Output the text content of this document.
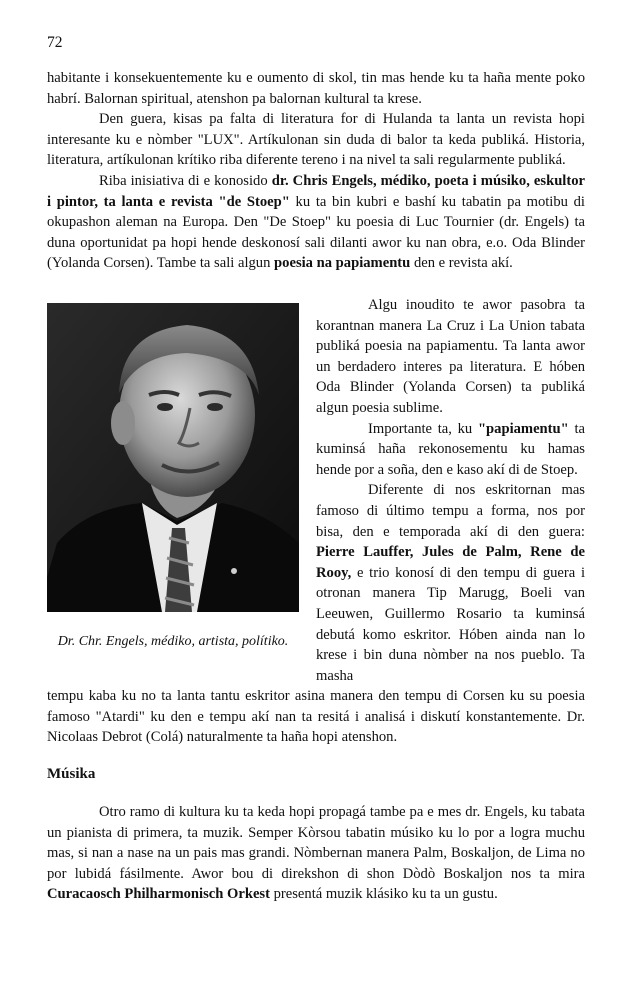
72

habitante i konsekuentemente ku e oumento di skol, tin mas hende ku ta haña mente poko habrí. Balornan spiritual, atenshon pa balornan kultural ta krese.

Den guera, kisas pa falta di literatura for di Hulanda ta lanta un revista hopi interesante ku e nòmber "LUX". Artíkulonan sin duda di balor ta keda publiká. Historia, literatura, artíkulonan krítiko riba diferente tereno i na nivel ta sali regularmente publiká.

Riba inisiativa di e konosido dr. Chris Engels, médiko, poeta i músiko, eskultor i pintor, ta lanta e revista "de Stoep" ku ta bin kubri e bashí ku tabatin pa motibu di okupashon aleman na Europa. Den "De Stoep" ku poesia di Luc Tournier (dr. Engels) ta duna oportunidat pa hopi hende deskonosí sali dilanti awor ku nan obra, e.o. Oda Blinder (Yolanda Corsen). Tambe ta sali algun poesia na papiamentu den e revista akí.

Algu inoudito te awor pasobra ta korantnan manera La Cruz i La Union tabata publiká poesia na papiamentu. Ta lanta awor un berdadero interes pa literatura. E hóben Oda Blinder (Yolanda Corsen) ta publiká algun poesia sublime.

Importante ta, ku "papiamentu" ta kuminsá haña rekonosementu ku hamas hende por a soña, den e kaso akí di de Stoep.

Diferente di nos eskritornan mas famoso di último tempu a forma, nos por bisa, den e temporada akí di den guera: Pierre Lauffer, Jules de Palm, Rene de Rooy, e trio konosí di den tempu di guera i otronan manera Tip Marugg, Boeli van Leeuwen, Guillermo Rosario ta kuminsá debutá komo eskritor. Hóben ainda nan lo krese i bin duna nòmber na nos pueblo. Ta masha

Dr. Chr. Engels, médiko, artista, polítiko.

tempu kaba ku no ta lanta tantu eskritor asina manera den tempu di Corsen ku su poesia famoso "Atardi" ku den e tempu akí nan ta resitá i analisá i diskutí konstantemente. Dr. Nicolaas Debrot (Colá) naturalmente ta haña hopi atenshon.

Músika

Otro ramo di kultura ku ta keda hopi propagá tambe pa e mes dr. Engels, ku tabata un pianista di primera, ta muzik. Semper Kòrsou tabatin músiko ku lo por a logra muchu mas, si nan a nase na un pais mas grandi. Nòmbernan manera Palm, Boskaljon, de Lima no por lubidá fásilmente. Awor bou di direkshon di shon Dòdò Boskaljon nos ta mira Curacaosch Philharmonisch Orkest presentá muzik klásiko ku ta un gustu.
